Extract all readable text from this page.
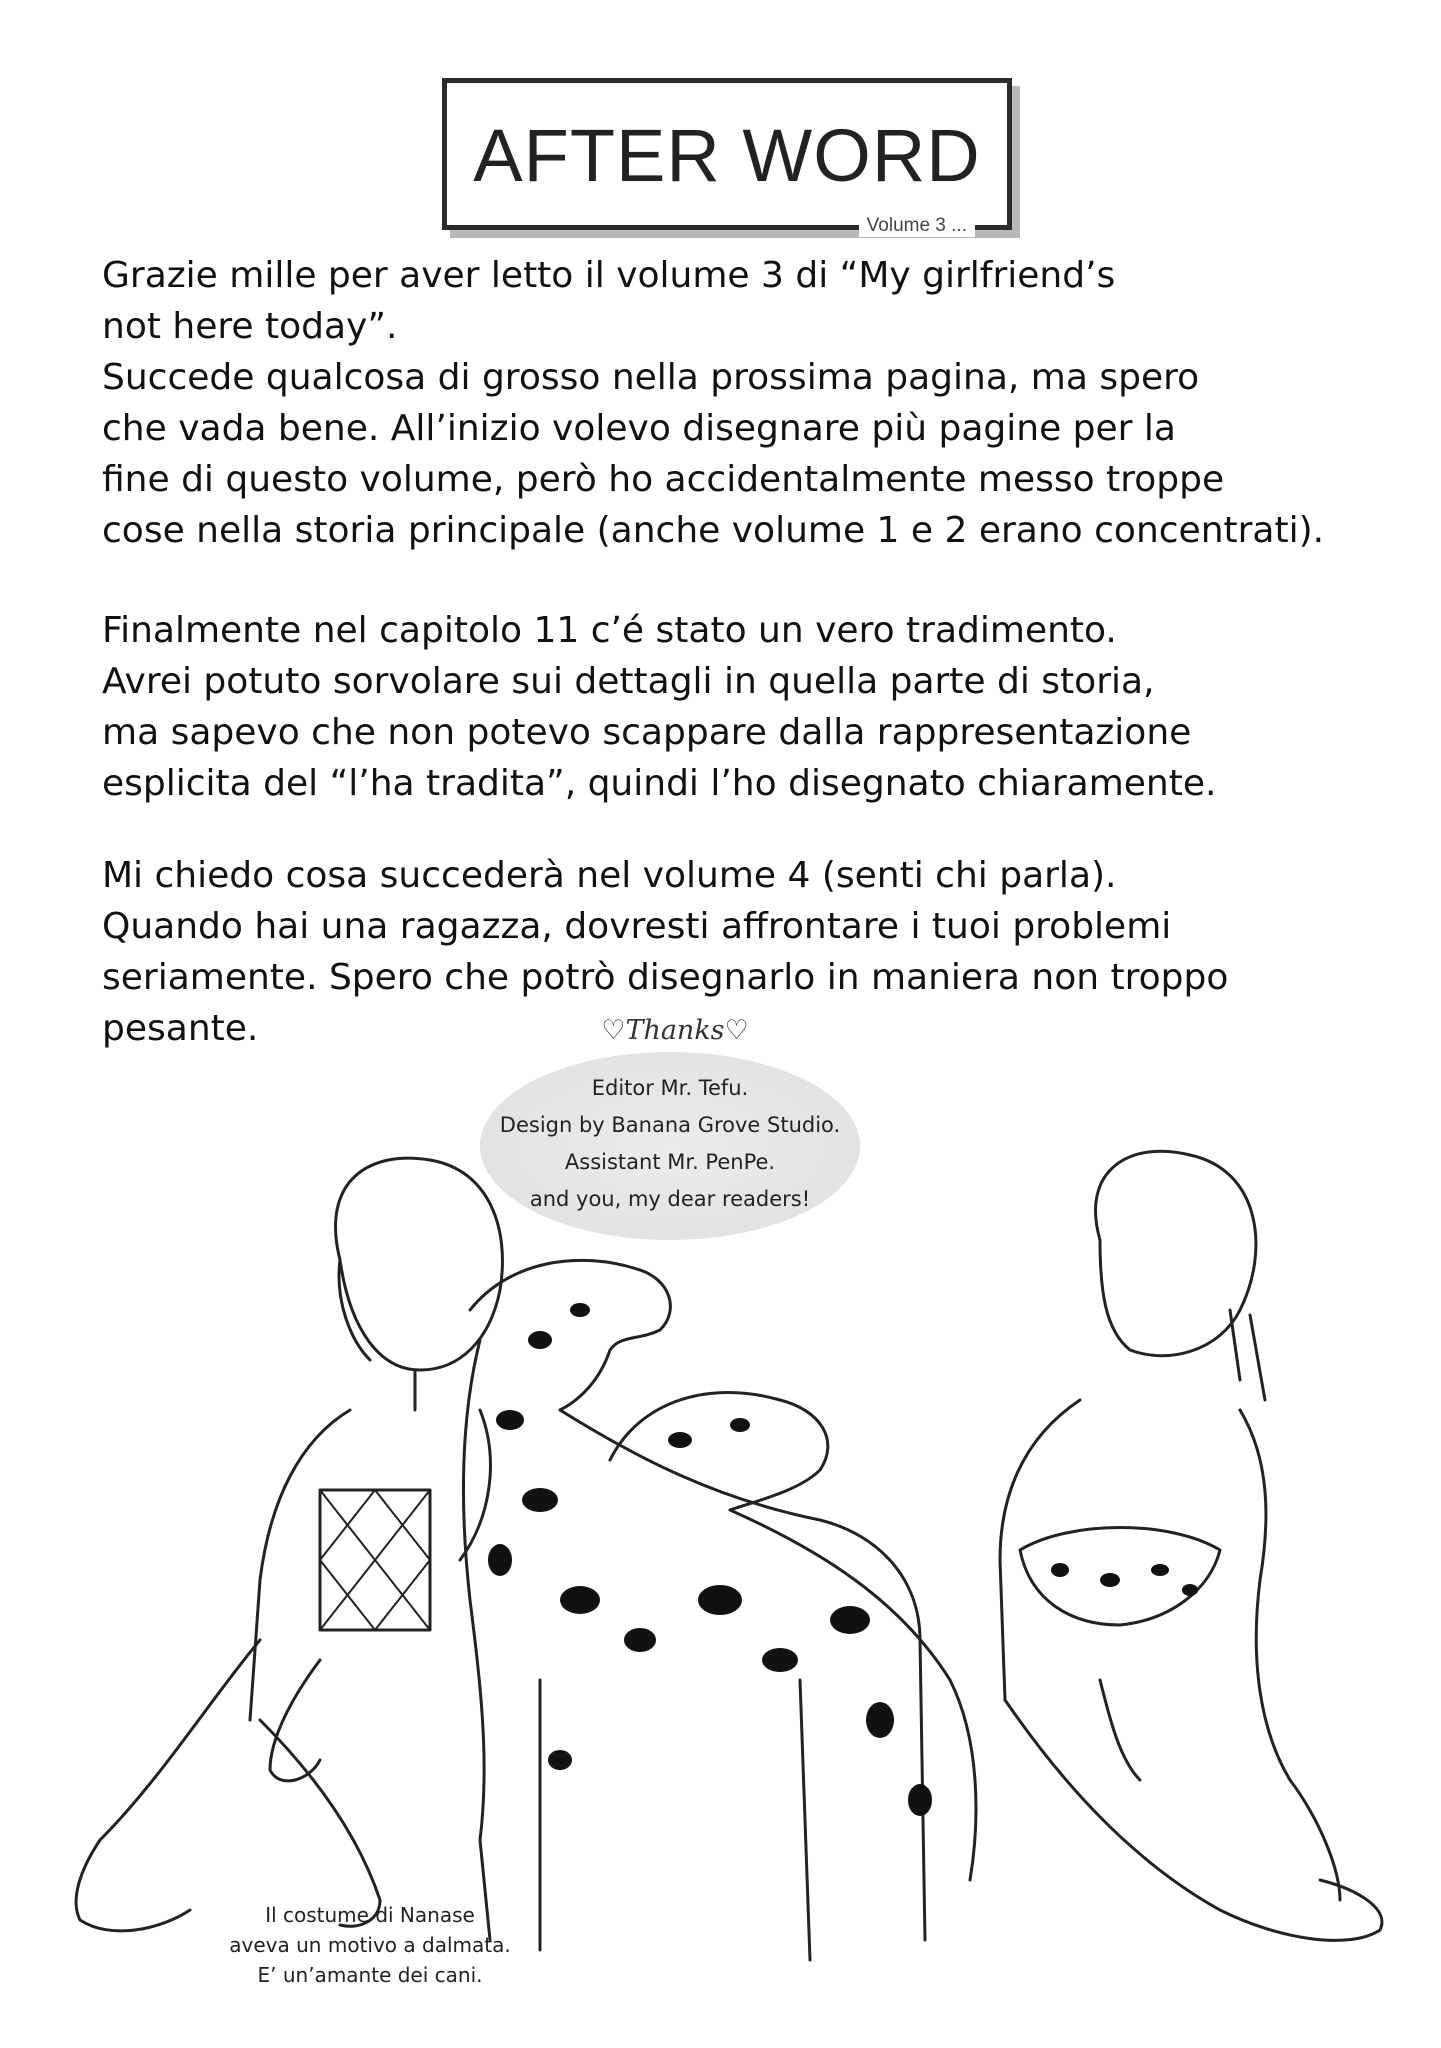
AFTER WORD
Volume 3 ...
Grazie mille per aver letto il volume 3 di “My girlfriend’s
not here today”.
Succede qualcosa di grosso nella prossima pagina, ma spero
che vada bene. All’inizio volevo disegnare più pagine per la
fine di questo volume, però ho accidentalmente messo troppe
cose nella storia principale (anche volume 1 e 2 erano concentrati).
Finalmente nel capitolo 11 c’é stato un vero tradimento.
Avrei potuto sorvolare sui dettagli in quella parte di storia,
ma sapevo che non potevo scappare dalla rappresentazione
esplicita del “l’ha tradita”, quindi l’ho disegnato chiaramente.
Mi chiedo cosa succederà nel volume 4 (senti chi parla).
Quando hai una ragazza, dovresti affrontare i tuoi problemi
seriamente. Spero che potrò disegnarlo in maniera non troppo
pesante.	♡Thanks♡
Editor Mr. Tefu.
Design by Banana Grove Studio.
Assistant Mr. PenPe.
and you, my dear readers!
Il costume di Nanase
aveva un motivo a dalmata.
E’ un’amante dei cani.
